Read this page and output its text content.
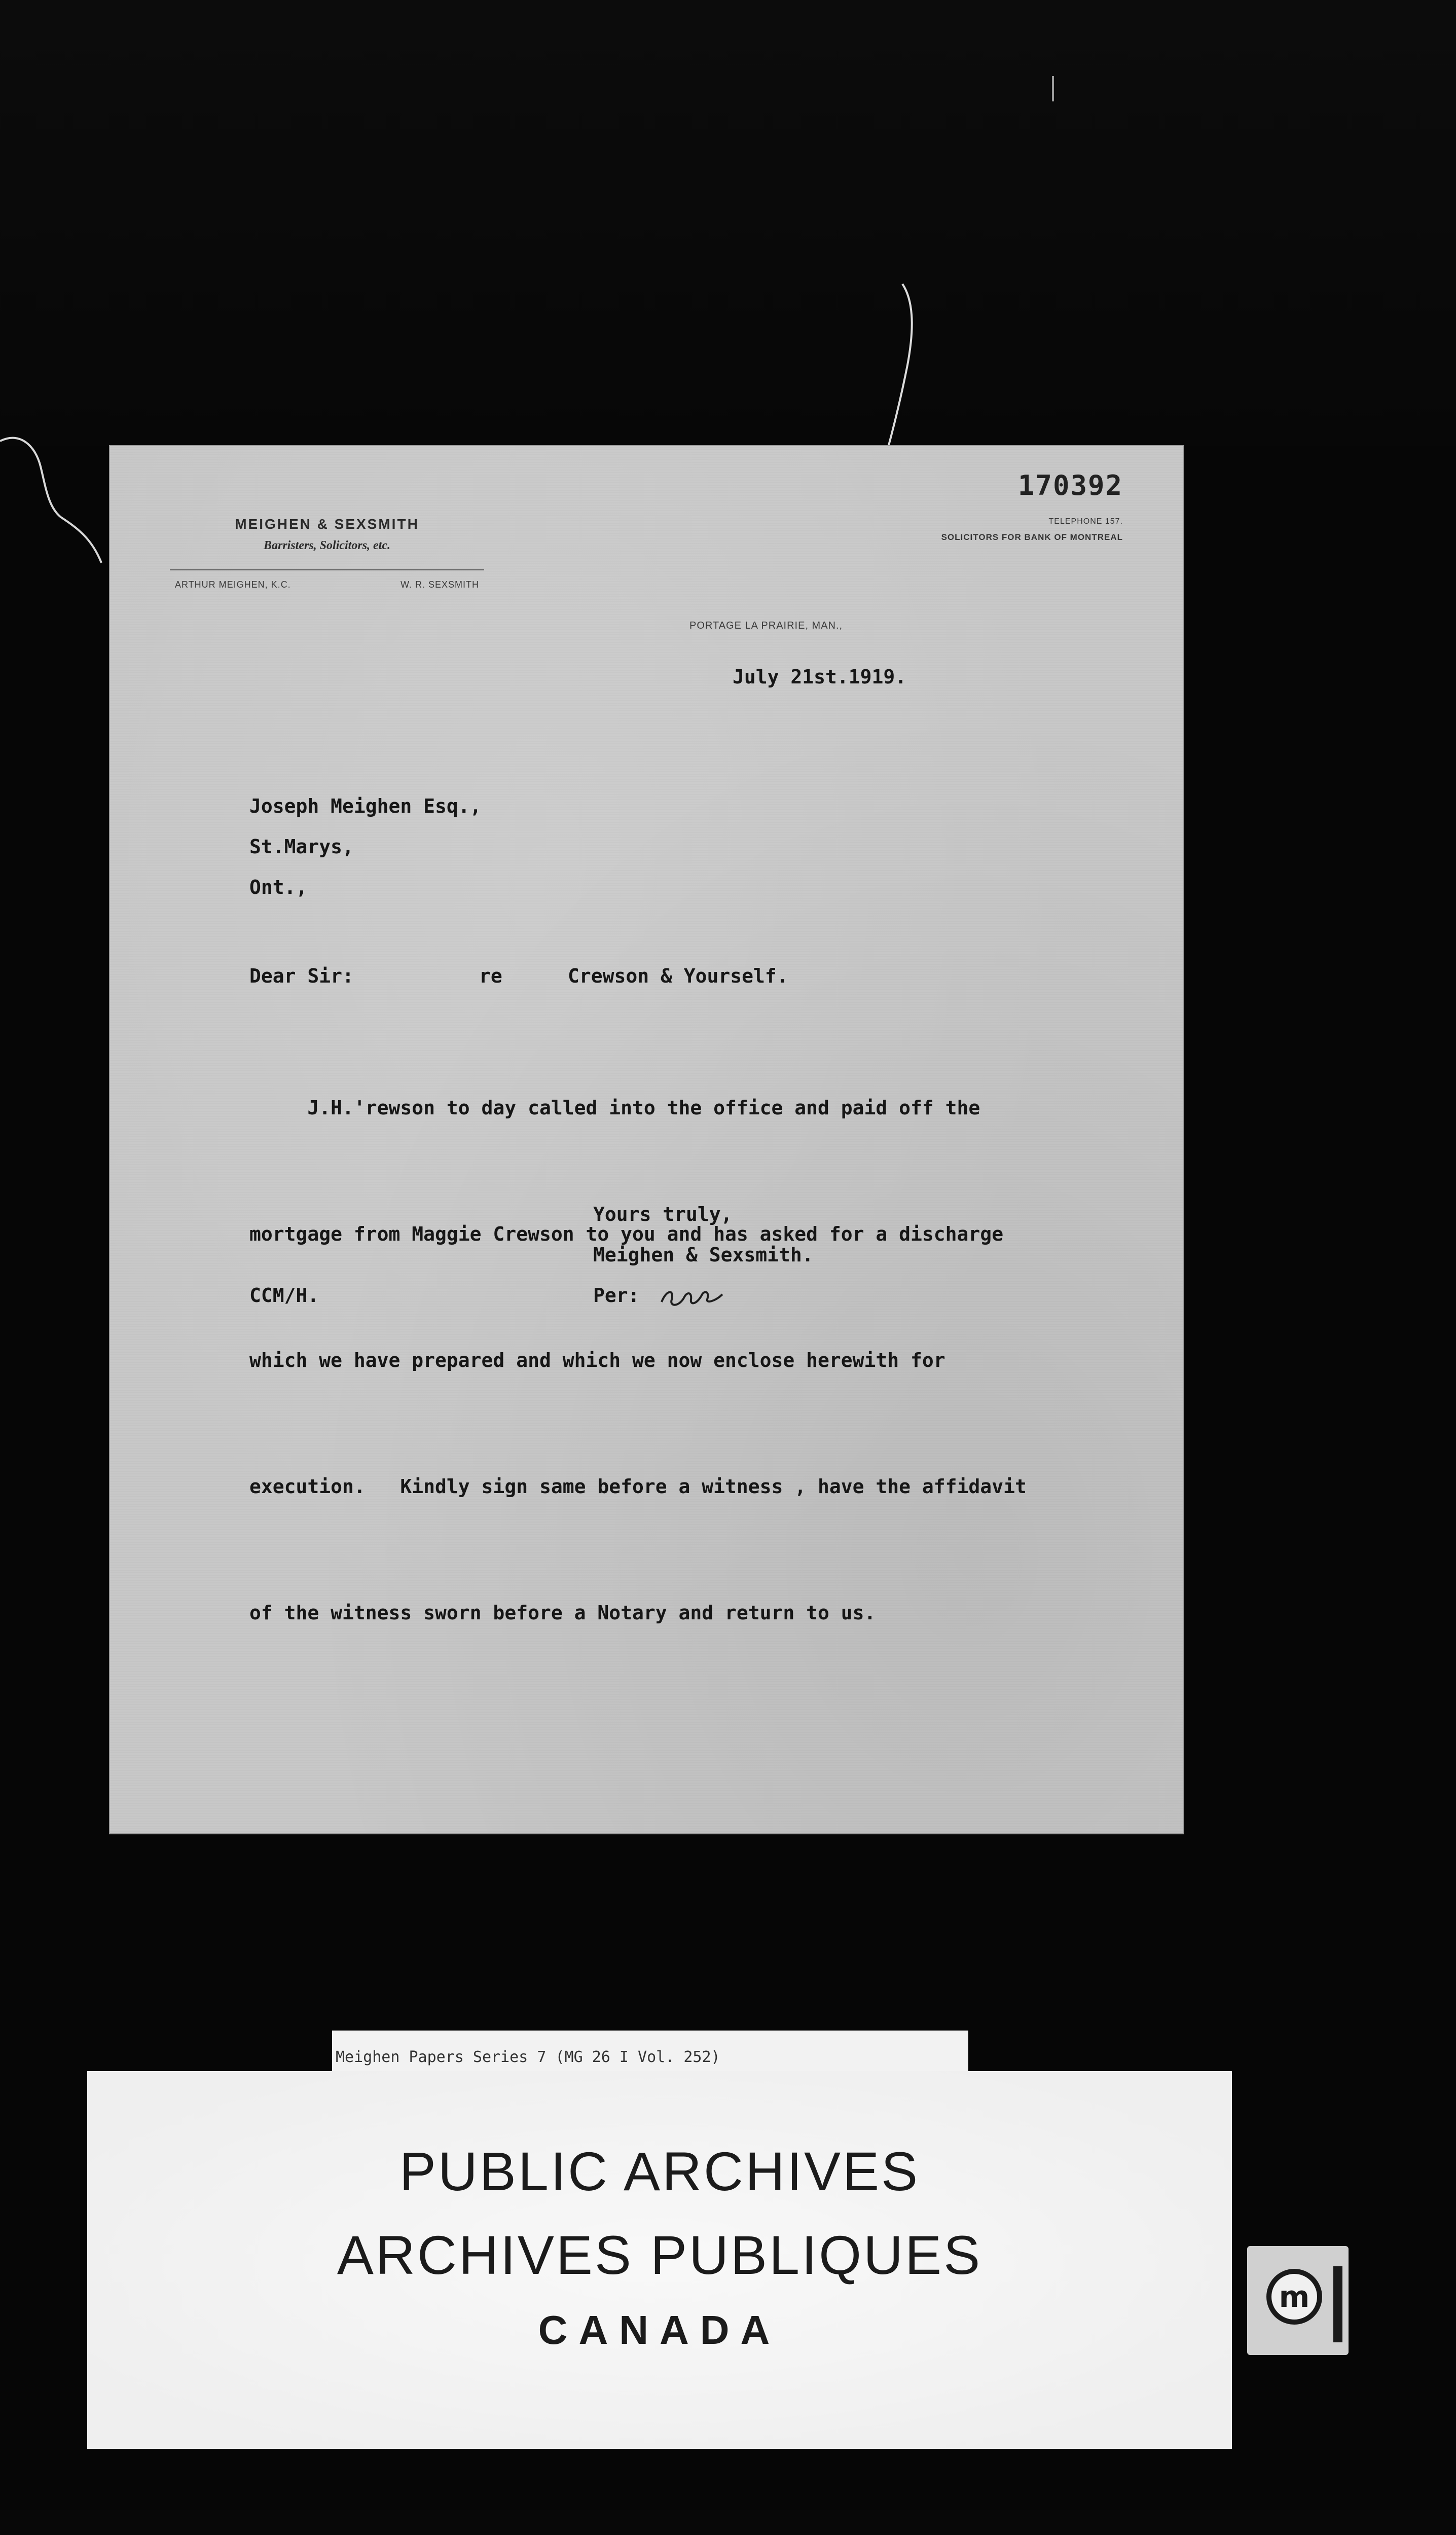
MEIGHEN & SEXSMITH
Barristers, Solicitors, etc.
ARTHUR MEIGHEN, K.C.	W. R. SEXSMITH
170392
TELEPHONE 157.
SOLICITORS FOR BANK OF MONTREAL
PORTAGE LA PRAIRIE, MAN.,
July 21st.1919.
Joseph Meighen Esq.,
St.Marys,
Ont.,
Dear Sir:	re	Crewson & Yourself.

J.H.'rewson to day called into the office and paid off the

mortgage from Maggie Crewson to you and has asked for a discharge

which we have prepared and which we now enclose herewith for

execution.   Kindly sign same before a witness , have the affidavit

of the witness sworn before a Notary and return to us.

Yours truly,
Meighen & Sexsmith.
Per:
CCM/H.
Meighen Papers Series 7 (MG 26 I Vol. 252)
PUBLIC ARCHIVES
ARCHIVES PUBLIQUES
CANADA
m
